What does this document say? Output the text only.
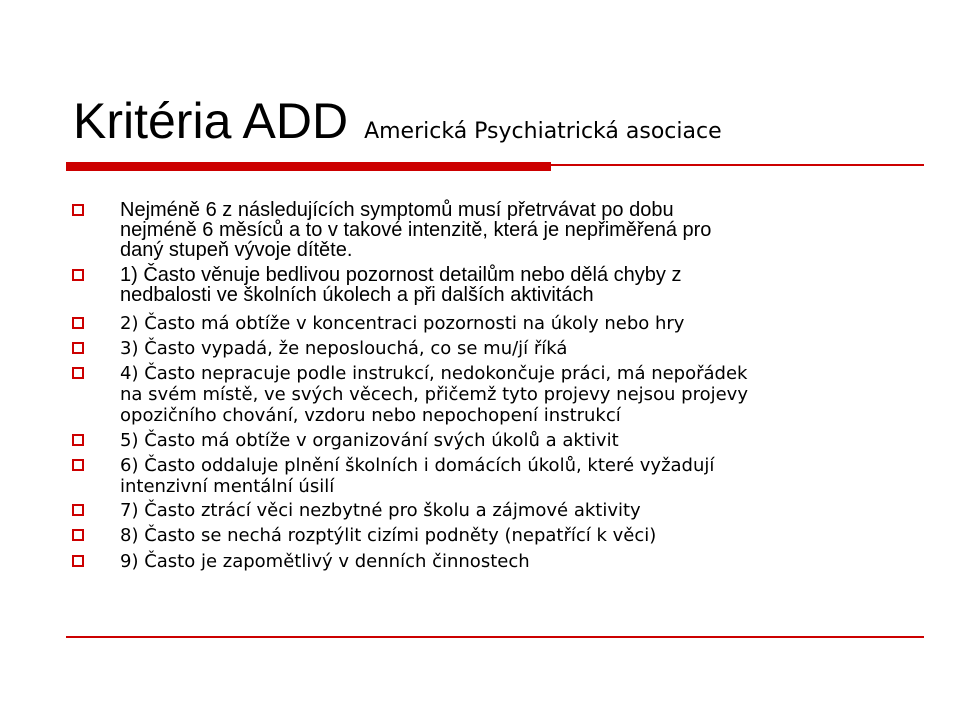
Kritéria ADD Americká Psychiatrická asociace

Nejméně 6 z následujících symptomů musí přetrvávat po dobu
nejméně 6 měsíců a to v takové intenzitě, která je nepřiměřená pro
daný stupeň vývoje dítěte.

1) Často věnuje bedlivou pozornost detailům nebo dělá chyby z
nedbalosti ve školních úkolech a při dalších aktivitách

2) Často má obtíže v koncentraci pozornosti na úkoly nebo hry

3) Často vypadá, že neposlouchá, co se mu/jí říká

4) Často nepracuje podle instrukcí, nedokončuje práci, má nepořádek
na svém místě, ve svých věcech, přičemž tyto projevy nejsou projevy
opozičního chování, vzdoru nebo nepochopení instrukcí

5) Často má obtíže v organizování svých úkolů a aktivit

6) Často oddaluje plnění školních i domácích úkolů, které vyžadují
intenzivní mentální úsilí

7) Často ztrácí věci nezbytné pro školu a zájmové aktivity

8) Často se nechá rozptýlit cizími podněty (nepatřící k věci)

9) Často je zapomětlivý v denních činnostech
